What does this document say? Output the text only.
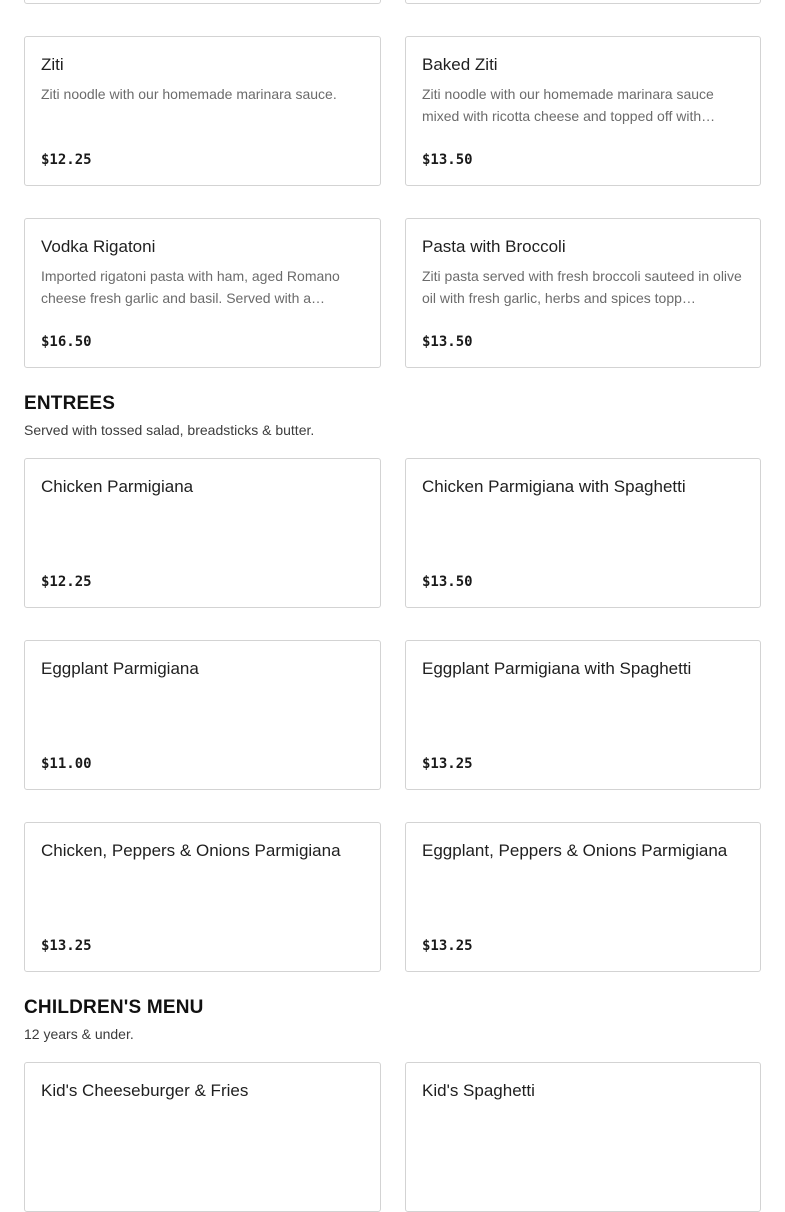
Ziti
Ziti noodle with our homemade marinara sauce.
$12.25
Baked Ziti
Ziti noodle with our homemade marinara sauce mixed with ricotta cheese and topped off with…
$13.50
Vodka Rigatoni
Imported rigatoni pasta with ham, aged Romano cheese fresh garlic and basil. Served with a…
$16.50
Pasta with Broccoli
Ziti pasta served with fresh broccoli sauteed in olive oil with fresh garlic, herbs and spices topp…
$13.50
ENTREES
Served with tossed salad, breadsticks & butter.
Chicken Parmigiana
$12.25
Chicken Parmigiana with Spaghetti
$13.50
Eggplant Parmigiana
$11.00
Eggplant Parmigiana with Spaghetti
$13.25
Chicken, Peppers & Onions Parmigiana
$13.25
Eggplant, Peppers & Onions Parmigiana
$13.25
CHILDREN'S MENU
12 years & under.
Kid's Cheeseburger & Fries	Kid's Spaghetti
